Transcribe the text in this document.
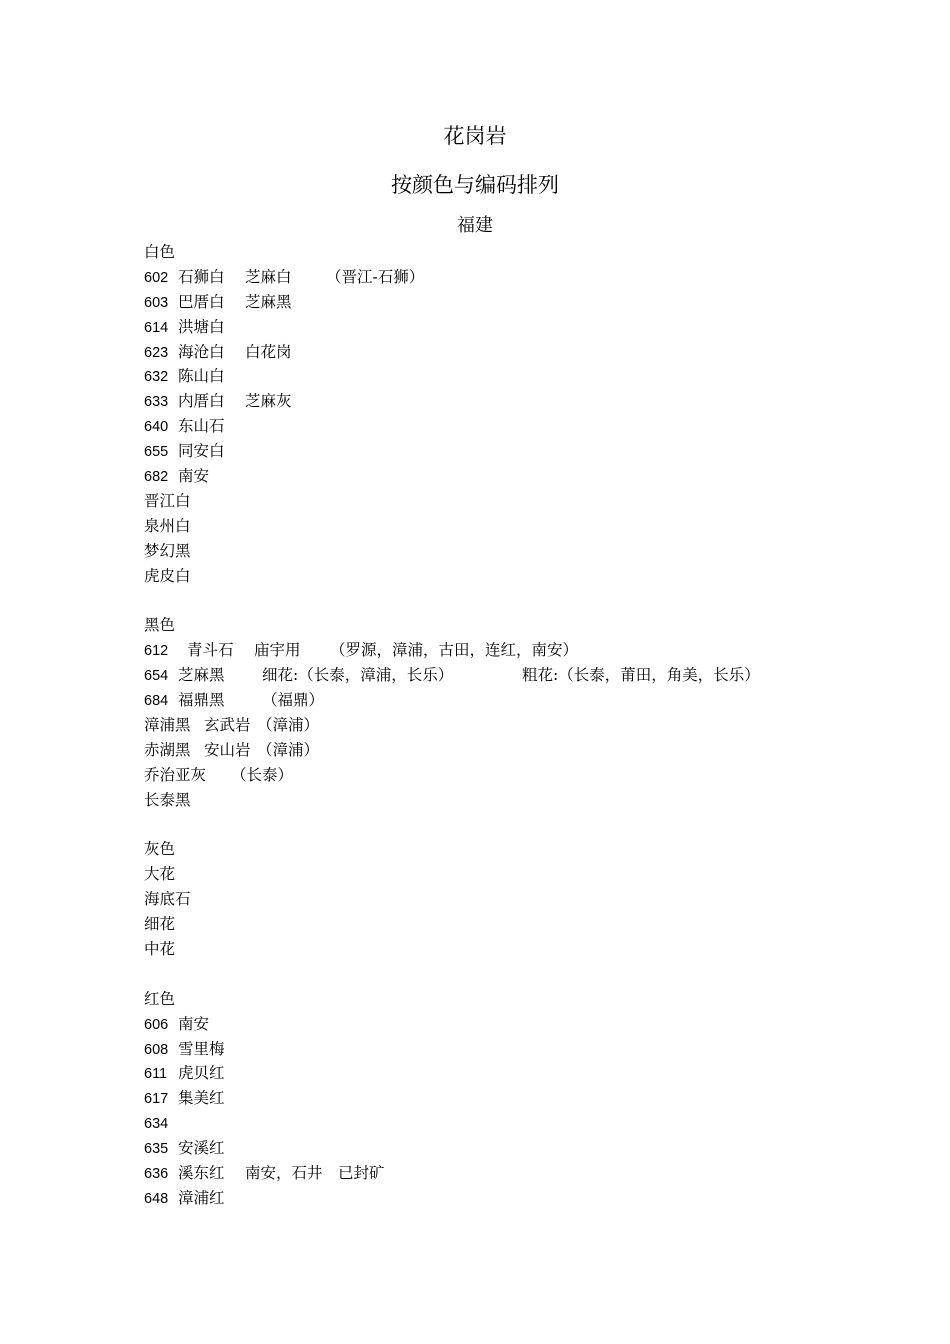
花岗岩
按颜色与编码排列
福建
白色
602 石狮白 芝麻白 （晋江-石狮）
603 巴厝白 芝麻黑
614 洪塘白
623 海沧白 白花岗
632 陈山白
633 内厝白 芝麻灰
640 东山石
655 同安白
682 南安
晋江白
泉州白
梦幻黑
虎皮白
黑色
612 青斗石 庙宇用 （罗源，漳浦，古田，连红，南安）
654 芝麻黑 细花:（长泰，漳浦，长乐）	粗花:（长泰，莆田，角美，长乐）
684 福鼎黑 （福鼎）
漳浦黑 玄武岩 （漳浦）
赤湖黑 安山岩 （漳浦）
乔治亚灰 （长泰）
长泰黑
灰色
大花
海底石
细花
中花
红色
606 南安
608 雪里梅
611 虎贝红
617 集美红
634
635 安溪红
636 溪东红 南安，石井 已封矿
648 漳浦红
